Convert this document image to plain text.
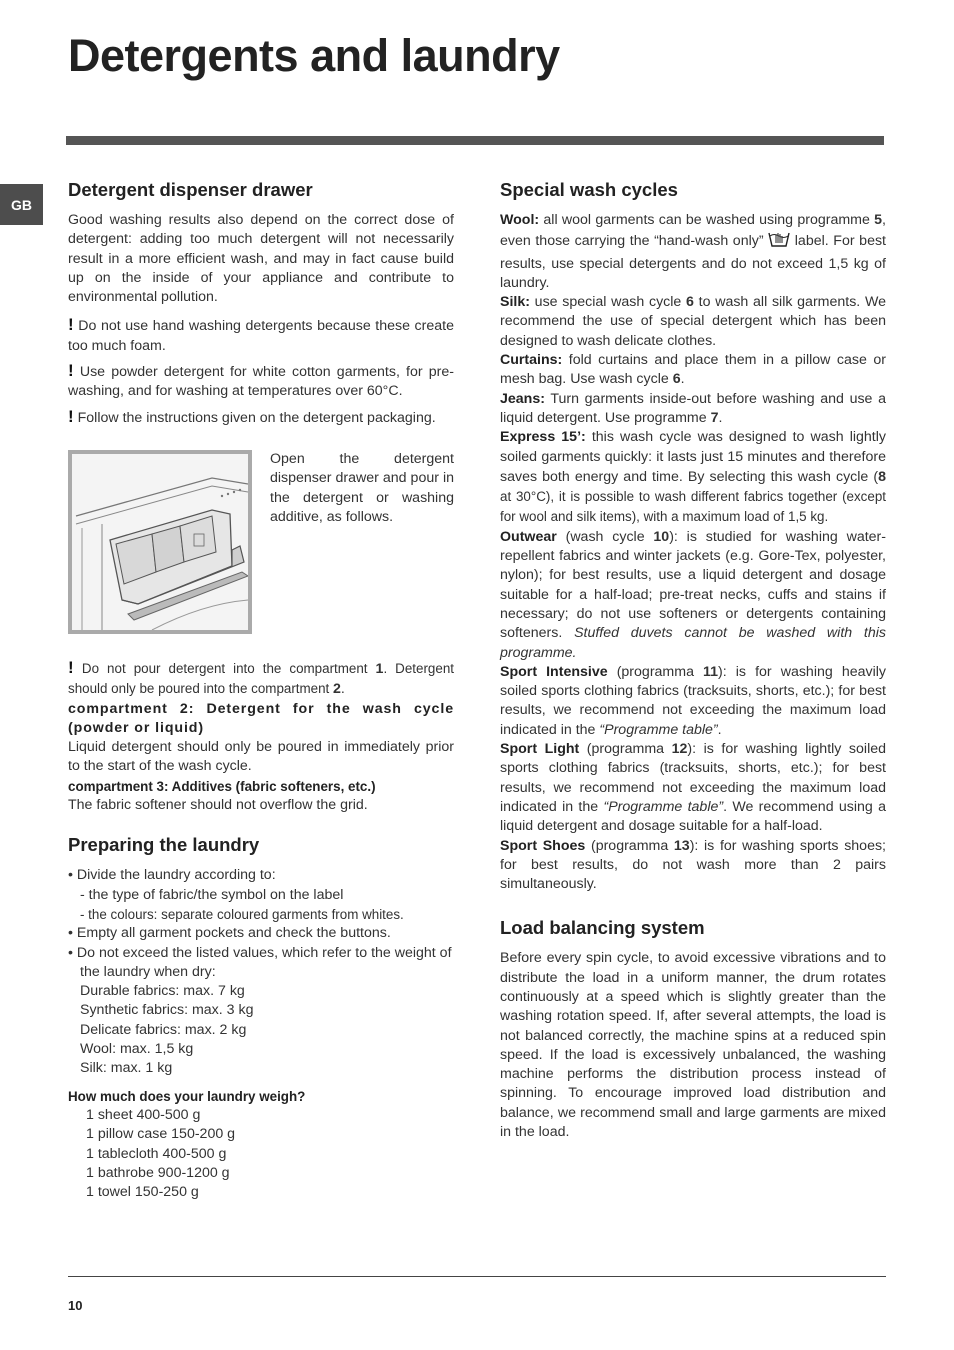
Detergents and laundry
GB
Detergent dispenser drawer

Good washing results also depend on the correct dose of detergent: adding too much detergent will not necessarily result in a more efficient wash, and may in fact cause build up on the inside of your appliance and contribute to environmental pollution.

! Do not use hand washing detergents because these create too much foam.

! Use powder detergent for white cotton garments, for pre-washing, and for washing at temperatures over 60°C.

! Follow the instructions given on the detergent packaging.

Open the detergent dispenser drawer and pour in the detergent or washing additive, as follows.

! Do not pour detergent into the compartment 1. Detergent should only be poured into the compartment 2.

compartment 2: Detergent for the wash cycle (powder or liquid)

Liquid detergent should only be poured in immediately prior to the start of the wash cycle.

compartment 3: Additives (fabric softeners, etc.)

The fabric softener should not overflow the grid.

Preparing the laundry
• Divide the laundry according to:
- the type of fabric/the symbol on the label
- the colours: separate coloured garments from whites.
• Empty all garment pockets and check the buttons.
• Do not exceed the listed values, which refer to the weight of the laundry when dry:
Durable fabrics: max. 7 kg
Synthetic fabrics: max. 3 kg
Delicate fabrics: max. 2 kg
Wool: max. 1,5 kg
Silk: max. 1 kg

How much does your laundry weigh?

1 sheet 400-500 g
1 pillow case 150-200 g
1 tablecloth 400-500 g
1 bathrobe 900-1200 g
1 towel 150-250 g
Special wash cycles

Wool: all wool garments can be washed using programme 5, even those carrying the “hand-wash only”  label. For best results, use special detergents and do not exceed 1,5 kg of laundry.

Silk: use special wash cycle 6 to wash all silk garments. We recommend the use of special detergent which has been designed to wash delicate clothes.

Curtains: fold curtains and place them in a pillow case or mesh bag. Use wash cycle 6.

Jeans: Turn garments inside-out before washing and use a liquid detergent. Use programme 7.

Express 15’: this wash cycle was designed to wash lightly soiled garments quickly: it lasts just 15 minutes and therefore saves both energy and time. By selecting this wash cycle (8 at 30°C), it is possible to wash different fabrics together (except for wool and silk items), with a maximum load of 1,5 kg.

Outwear (wash cycle 10): is studied for washing water-repellent fabrics and winter jackets (e.g. Gore-Tex, polyester, nylon); for best results, use a liquid detergent and dosage suitable for a half-load; pre-treat necks, cuffs and stains if necessary; do not use softeners or detergents containing softeners. Stuffed duvets cannot be washed with this programme.

Sport Intensive (programma 11): is for washing heavily soiled sports clothing fabrics (tracksuits, shorts, etc.); for best results, we recommend not exceeding the maximum load indicated in the “Programme table”.

Sport Light (programma 12): is for washing lightly soiled sports clothing fabrics (tracksuits, shorts, etc.); for best results, we recommend not exceeding the maximum load indicated in the “Programme table”. We recommend using a liquid detergent and dosage suitable for a half-load.

Sport Shoes (programma 13): is for washing sports shoes; for best results, do not wash more than 2 pairs simultaneously.

Load balancing system

Before every spin cycle, to avoid excessive vibrations and to distribute the load in a uniform manner, the drum rotates continuously at a speed which is slightly greater than the washing rotation speed. If, after several attempts, the load is not balanced correctly, the machine spins at a reduced spin speed. If the load is excessively unbalanced, the washing machine performs the distribution process instead of spinning. To encourage improved load distribution and balance, we recommend small and large garments are mixed in the load.

10
